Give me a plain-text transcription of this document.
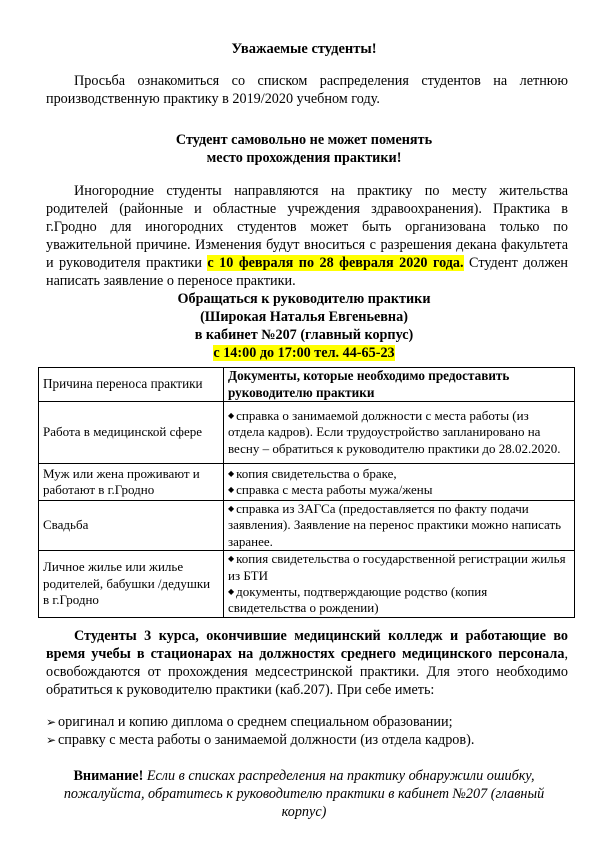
Уважаемые студенты!
Просьба ознакомиться со списком распределения студентов на летнюю производственную практику в 2019/2020 учебном году.
Студент самовольно не может поменять
место прохождения практики!
Иногородние студенты направляются на практику по месту жительства родителей (районные и областные учреждения здравоохранения). Практика в г.Гродно для иногородних студентов может быть организована только по уважительной причине. Изменения будут вноситься с разрешения декана факультета и руководителя практики с 10 февраля по 28 февраля 2020 года. Студент должен написать заявление о переносе практики.
Обращаться к руководителю практики
(Широкая Наталья Евгеньевна)
в кабинет №207 (главный корпус)
с 14:00 до 17:00 тел. 44-65-23
Причина переноса практики	Документы, которые необходимо предоставить руководителю практики
Работа в медицинской сфере	◆ справка о занимаемой должности с места работы (из отдела кадров). Если трудоустройство запланировано на весну – обратиться к руководителю практики до 28.02.2020.

Муж или жена проживают и работают в г.Гродно	◆ копия свидетельства о браке,
◆ справка с места работы мужа/жены

Свадьба	◆ справка из ЗАГСа (предоставляется по факту подачи заявления). Заявление на перенос практики можно написать заранее.

Личное жилье или жилье родителей, бабушки /дедушки в г.Гродно	◆ копия свидетельства о государственной регистрации жилья из БТИ
◆ документы, подтверждающие родство (копия свидетельства о рождении)
Студенты 3 курса, окончившие медицинский колледж и работающие во время учебы в стационарах на должностях среднего медицинского персонала, освобождаются от прохождения медсестринской практики. Для этого необходимо обратиться к руководителю практики (каб.207). При себе иметь:
➢ оригинал и копию диплома о среднем специальном образовании;
➢ справку с места работы о занимаемой должности (из отдела кадров).
Внимание! Если в списках распределения на практику обнаружили ошибку, пожалуйста, обратитесь к руководителю практики в кабинет №207 (главный корпус)
